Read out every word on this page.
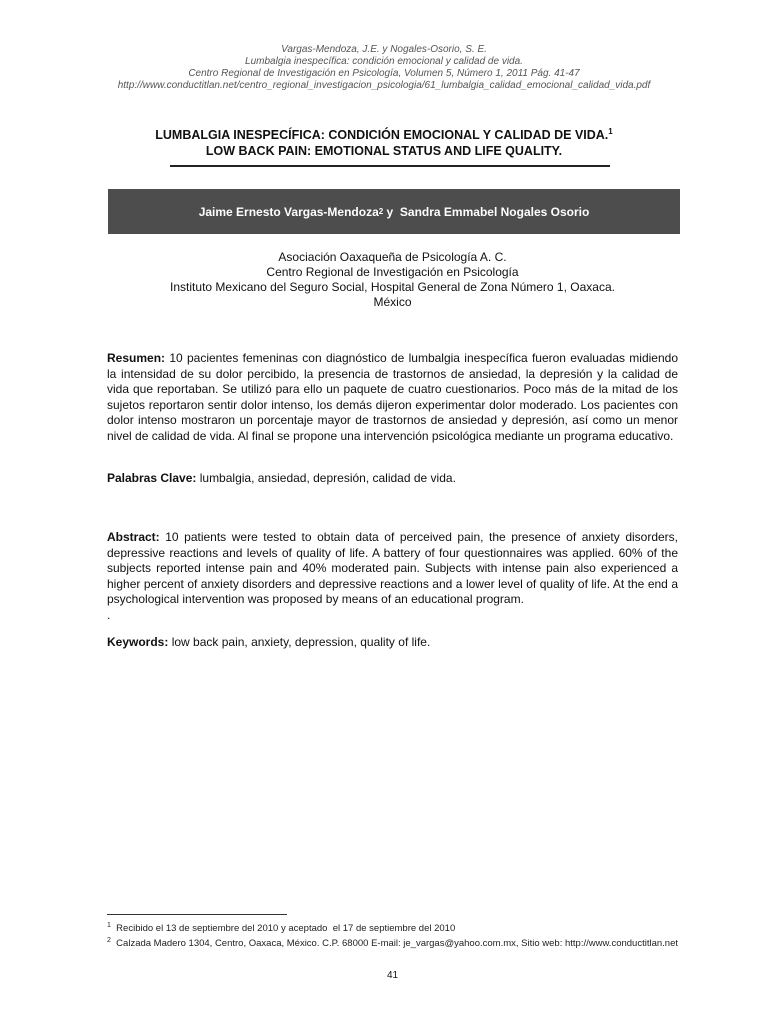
Vargas-Mendoza, J.E. y Nogales-Osorio, S. E.
Lumbalgia inespecífica: condición emocional y calidad de vida.
Centro Regional de Investigación en Psicología, Volumen 5, Número 1, 2011 Pág. 41-47
http://www.conductitlan.net/centro_regional_investigacion_psicologia/61_lumbalgia_calidad_emocional_calidad_vida.pdf
LUMBALGIA INESPECÍFICA: CONDICIÓN EMOCIONAL Y CALIDAD DE VIDA.$^1$
LOW BACK PAIN: EMOTIONAL STATUS AND LIFE QUALITY.
Jaime Ernesto Vargas-Mendoza 2 y Sandra Emmabel Nogales Osorio
Asociación Oaxaqueña de Psicología A. C.
Centro Regional de Investigación en Psicología
Instituto Mexicano del Seguro Social, Hospital General de Zona Número 1, Oaxaca.
México
Resumen: 10 pacientes femeninas con diagnóstico de lumbalgia inespecífica fueron evaluadas midiendo la intensidad de su dolor percibido, la presencia de trastornos de ansiedad, la depresión y la calidad de vida que reportaban. Se utilizó para ello un paquete de cuatro cuestionarios. Poco más de la mitad de los sujetos reportaron sentir dolor intenso, los demás dijeron experimentar dolor moderado. Los pacientes con dolor intenso mostraron un porcentaje mayor de trastornos de ansiedad y depresión, así como un menor nivel de calidad de vida. Al final se propone una intervención psicológica mediante un programa educativo.
Palabras Clave: lumbalgia, ansiedad, depresión, calidad de vida.
Abstract: 10 patients were tested to obtain data of perceived pain, the presence of anxiety disorders, depressive reactions and levels of quality of life. A battery of four questionnaires was applied. 60% of the subjects reported intense pain and 40% moderated pain. Subjects with intense pain also experienced a higher percent of anxiety disorders and depressive reactions and a lower level of quality of life. At the end a psychological intervention was proposed by means of an educational program.
.
Keywords: low back pain, anxiety, depression, quality of life.
$^1$  Recibido el 13 de septiembre del 2010 y aceptado  el 17 de septiembre del 2010
$^2$  Calzada Madero 1304, Centro, Oaxaca, México. C.P. 68000 E-mail: je_vargas@yahoo.com.mx, Sitio web: http://www.conductitlan.net
41
